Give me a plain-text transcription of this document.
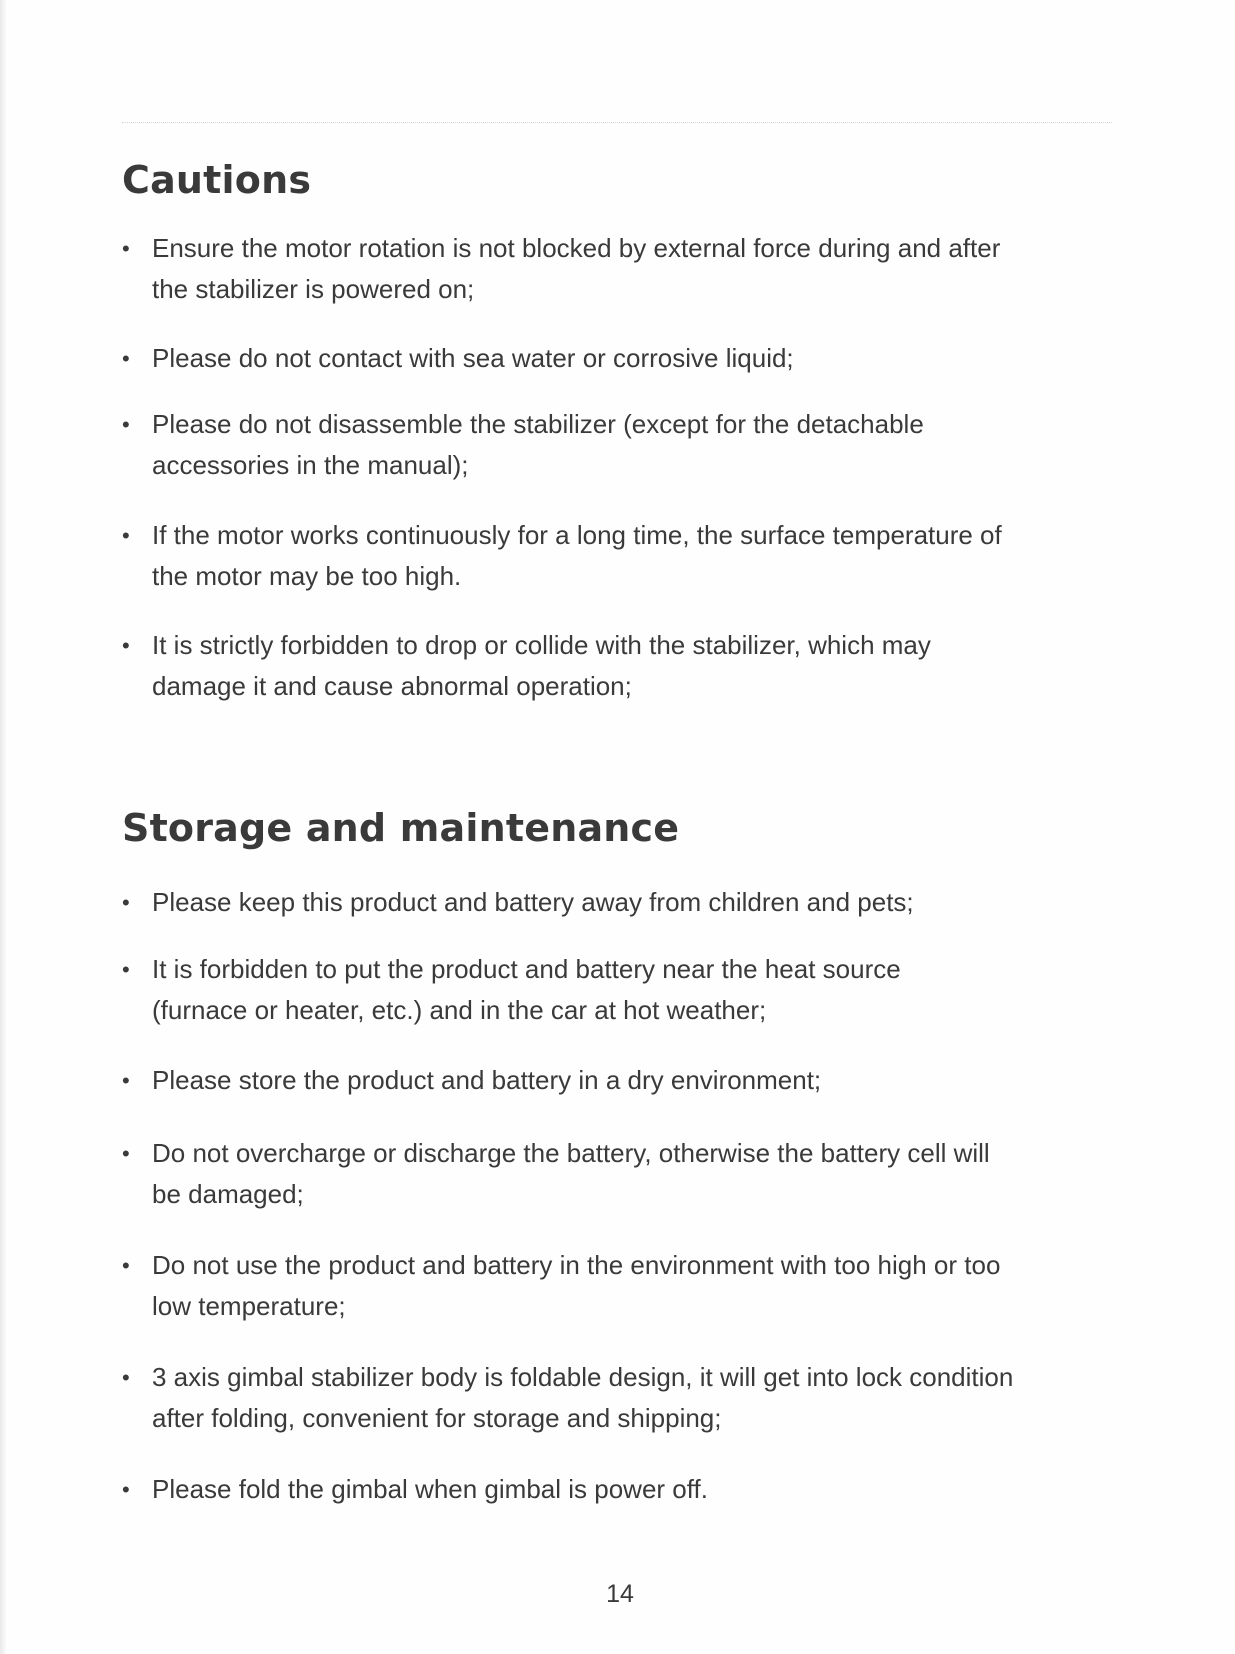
Cautions
• Ensure the motor rotation is not blocked by external force during and after
the stabilizer is powered on;
• Please do not contact with sea water or corrosive liquid;
• Please do not disassemble the stabilizer (except for the detachable
accessories in the manual);
• If the motor works continuously for a long time, the surface temperature of
the motor may be too high.
• It is strictly forbidden to drop or collide with the stabilizer, which may
damage it and cause abnormal operation;
Storage and maintenance
• Please keep this product and battery away from children and pets;
• It is forbidden to put the product and battery near the heat source
(furnace or heater, etc.) and in the car at hot weather;
• Please store the product and battery in a dry environment;
• Do not overcharge or discharge the battery, otherwise the battery cell will
be damaged;
• Do not use the product and battery in the environment with too high or too
low temperature;
• 3 axis gimbal stabilizer body is foldable design, it will get into lock condition
after folding, convenient for storage and shipping;
• Please fold the gimbal when gimbal is power off.
14
